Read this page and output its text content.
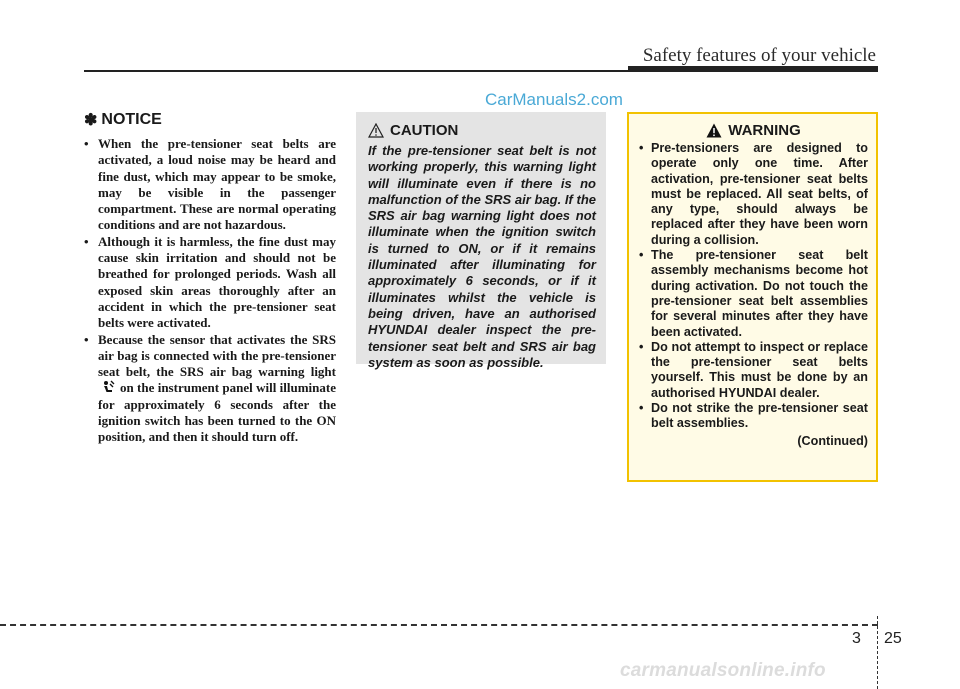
Safety features of your vehicle
CarManuals2.com
✽ NOTICE
• When the pre-tensioner seat belts are activated, a loud noise may be heard and fine dust, which may appear to be smoke, may be visible in the passenger compartment. These are normal operating conditions and are not hazardous.
• Although it is harmless, the fine dust may cause skin irritation and should not be breathed for prolonged periods. Wash all exposed skin areas thoroughly after an accident in which the pre-tensioner seat belts were activated.
• Because the sensor that activates the SRS air bag is connected with the pre-tensioner seat belt, the SRS air bag warning lighton the instrument panel will illuminate for approximately 6 seconds after the ignition switch has been turned to the ON position, and then it should turn off.
CAUTION
If the pre-tensioner seat belt is not working properly, this warning light will illuminate even if there is no malfunction of the SRS air bag. If the SRS air bag warning light does not illuminate when the ignition switch is turned to ON, or if it remains illuminated after illuminating for approximately 6 seconds, or if it illuminates whilst the vehicle is being driven, have an authorised HYUNDAI dealer inspect the pre-tensioner seat belt and SRS air bag system as soon as possible.
WARNING
• Pre-tensioners are designed to operate only one time. After activation, pre-tensioner seat belts must be replaced. All seat belts, of any type, should always be replaced after they have been worn during a collision.
• The pre-tensioner seat belt assembly mechanisms become hot during activation. Do not touch the pre-tensioner seat belt assemblies for several minutes after they have been activated.
• Do not attempt to inspect or replace the pre-tensioner seat belts yourself. This must be done by an authorised HYUNDAI dealer.
• Do not strike the pre-tensioner seat belt assemblies.
(Continued)
3 25
carmanualsonline.info
